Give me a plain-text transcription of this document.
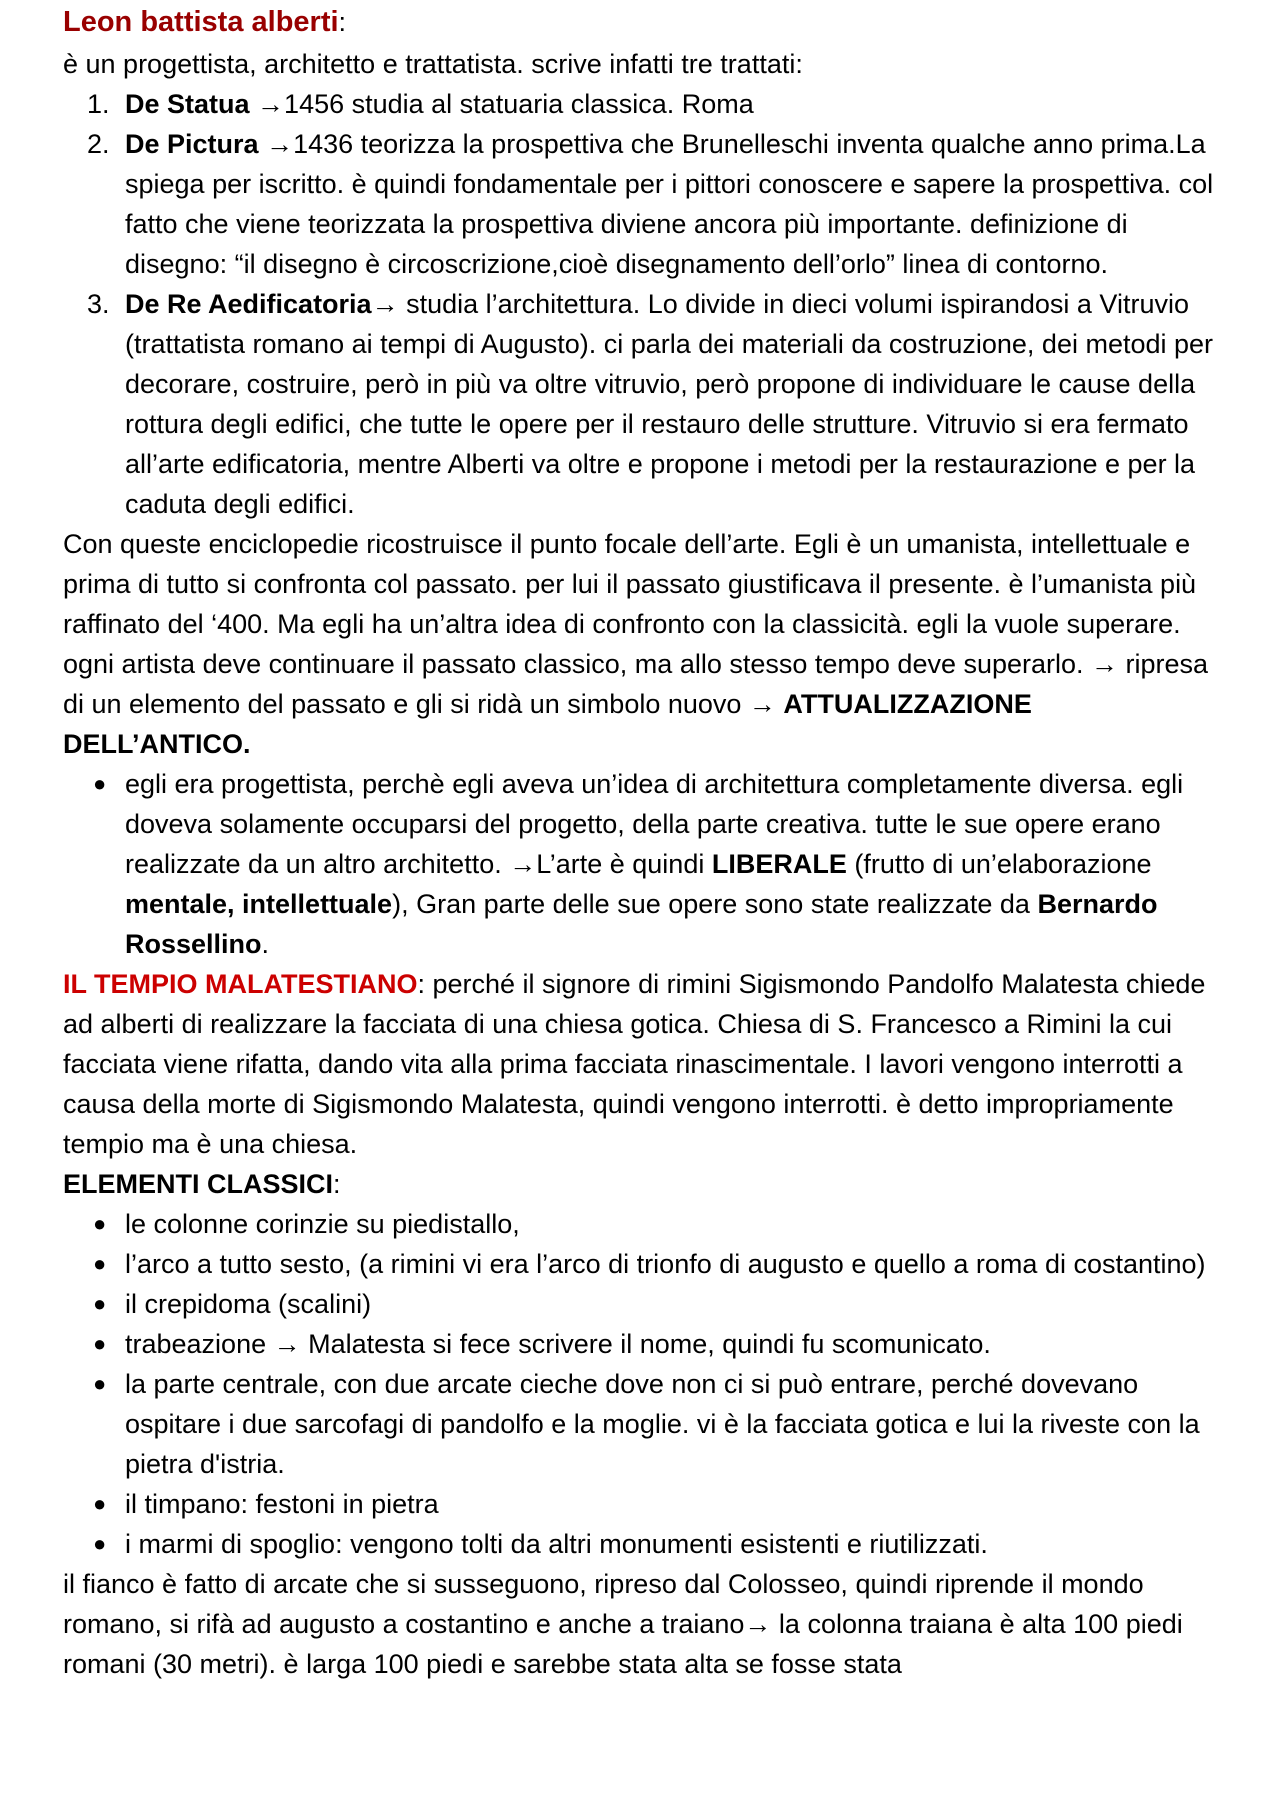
Leon battista alberti:

è un progettista, architetto e trattatista. scrive infatti tre trattati:

1. De Statua →1456 studia al statuaria classica. Roma
2. De Pictura →1436 teorizza la prospettiva che Brunelleschi inventa qualche anno prima.La spiega per iscritto. è quindi fondamentale per i pittori conoscere e sapere la prospettiva. col fatto che viene teorizzata la prospettiva diviene ancora più importante. definizione di disegno: “il disegno è circoscrizione,cioè disegnamento dell’orlo” linea di contorno.
3. De Re Aedificatoria→ studia l’architettura. Lo divide in dieci volumi ispirandosi a Vitruvio (trattatista romano ai tempi di Augusto). ci parla dei materiali da costruzione, dei metodi per decorare, costruire, però in più va oltre vitruvio, però propone di individuare le cause della rottura degli edifici, che tutte le opere per il restauro delle strutture. Vitruvio si era fermato all’arte edificatoria, mentre Alberti va oltre e propone i metodi per la restaurazione e per la caduta degli edifici.

Con queste enciclopedie ricostruisce il punto focale dell’arte. Egli è un umanista, intellettuale e prima di tutto si confronta col passato. per lui il passato giustificava il presente. è l’umanista più raffinato del ‘400. Ma egli ha un’altra idea di confronto con la classicità. egli la vuole superare. ogni artista deve continuare il passato classico, ma allo stesso tempo deve superarlo. → ripresa di un elemento del passato e gli si ridà un simbolo nuovo → ATTUALIZZAZIONE DELL’ANTICO.

● egli era progettista, perchè egli aveva un’idea di architettura completamente diversa. egli doveva solamente occuparsi del progetto, della parte creativa. tutte le sue opere erano realizzate da un altro architetto. →L’arte è quindi LIBERALE (frutto di un’elaborazione mentale, intellettuale), Gran parte delle sue opere sono state realizzate da Bernardo Rossellino.

IL TEMPIO MALATESTIANO: perché il signore di rimini Sigismondo Pandolfo Malatesta chiede ad alberti di realizzare la facciata di una chiesa gotica. Chiesa di S. Francesco a Rimini la cui facciata viene rifatta, dando vita alla prima facciata rinascimentale. I lavori vengono interrotti a causa della morte di Sigismondo Malatesta, quindi vengono interrotti. è detto impropriamente tempio ma è una chiesa.

ELEMENTI CLASSICI:

● le colonne corinzie su piedistallo,
● l’arco a tutto sesto, (a rimini vi era l’arco di trionfo di augusto e quello a roma di costantino)
● il crepidoma (scalini)
● trabeazione → Malatesta si fece scrivere il nome, quindi fu scomunicato.
● la parte centrale, con due arcate cieche dove non ci si può entrare, perché dovevano ospitare i due sarcofagi di pandolfo e la moglie. vi è la facciata gotica e lui la riveste con la pietra d'istria.
● il timpano: festoni in pietra
● i marmi di spoglio: vengono tolti da altri monumenti esistenti e riutilizzati.

il fianco è fatto di arcate che si susseguono, ripreso dal Colosseo, quindi riprende il mondo romano, si rifà ad augusto a costantino e anche a traiano→ la colonna traiana è alta 100 piedi romani (30 metri). è larga 100 piedi e sarebbe stata alta se fosse stata
